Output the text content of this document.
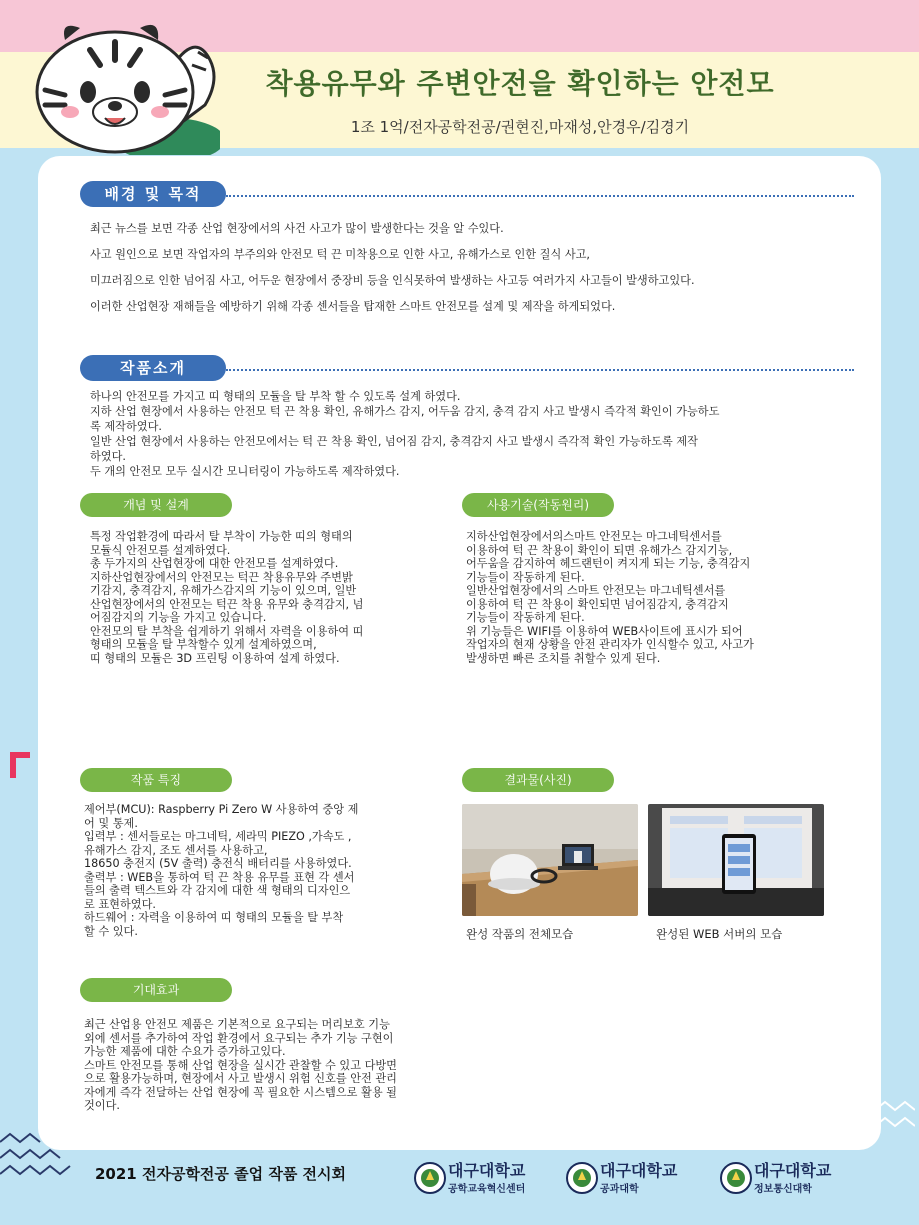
착용유무와 주변안전을 확인하는 안전모
1조 1억/전자공학전공/권현진,마재성,안경우/김경기
배경 및 목적

최근 뉴스를 보면 각종 산업 현장에서의 사건 사고가 많이 발생한다는 것을 알 수있다.

사고 원인으로 보면 작업자의 부주의와 안전모 턱 끈 미착용으로 인한 사고, 유해가스로 인한 질식 사고,

미끄러짐으로 인한 넘어짐 사고, 어두운 현장에서 중장비 등을 인식못하여 발생하는 사고등 여러가지 사고들이 발생하고있다.

이러한 산업현장 재해들을 예방하기 위해 각종 센서들을 탑재한 스마트 안전모를 설계 및 제작을 하게되었다.

작품소개

하나의 안전모를 가지고 띠 형태의 모듈을 탈 부착 할 수 있도록 설계 하였다.

지하 산업 현장에서 사용하는 안전모 턱 끈 착용 확인, 유해가스 감지, 어두움 감지, 충격 감지 사고 발생시 즉각적 확인이 가능하도

록 제작하였다.

일반 산업 현장에서 사용하는 안전모에서는 턱 끈 착용 확인, 넘어짐 감지, 충격감지 사고 발생시 즉각적 확인 가능하도록 제작

하였다.

두 개의 안전모 모두 실시간 모니터링이 가능하도록 제작하였다.

개념 및 설계

특정 작업환경에 따라서 탈 부착이 가능한 띠의 형태의

모듈식 안전모를 설계하였다.

총 두가지의 산업현장에 대한 안전모를 설계하였다.

지하산업현장에서의 안전모는 턱끈 착용유무와 주변밝

기감지, 충격감지, 유해가스감지의 기능이 있으며, 일반

산업현장에서의 안전모는 턱끈 착용 유무와 충격감지, 넘

어짐감지의 기능을 가지고 있습니다.

안전모의 탈 부착을 쉽게하기 위해서 자력을 이용하여 띠

형태의 모듈을 탈 부착할수 있게 설계하였으며,

띠 형태의 모듈은 3D 프린팅 이용하여 설계 하였다.

사용기술(작동원리)

지하산업현장에서의스마트 안전모는 마그네틱센서를

이용하여 턱 끈 착용이 확인이 되면 유해가스 감지기능,

어두움을 감지하여 헤드랜턴이 켜지게 되는 기능, 충격감지

기능들이 작동하게 된다.

일반산업현장에서의 스마트 안전모는 마그네틱센서를

이용하여 턱 끈 착용이 확인되면 넘어짐감지, 충격감지

기능들이 작동하게 된다.

위 기능들은 WIFI를 이용하여 WEB사이트에 표시가 되어

작업자의 현재 상황을 안전 관리자가 인식할수 있고, 사고가

발생하면 빠른 조치를 취할수 있게 된다.

작품 특징

제어부(MCU): Raspberry Pi Zero W 사용하여 중앙 제

어 및 통제.

입력부 : 센서들로는 마그네틱, 세라믹 PIEZO ,가속도 ,

유해가스 감지, 조도 센서를 사용하고,

18650 충전지 (5V 출력) 충전식 배터리를 사용하였다.

출력부 : WEB을 통하여 턱 끈 착용 유무를 표현 각 센서

들의 출력 텍스트와 각 감지에 대한 색 형태의 디자인으

로 표현하였다.

하드웨어 : 자력을 이용하여 띠 형태의 모듈을 탈 부착

할 수 있다.

결과물(사진)
완성 작품의 전체모습	완성된 WEB 서버의 모습
기대효과

최근 산업용 안전모 제품은 기본적으로 요구되는 머리보호 기능

외에 센서를 추가하여 작업 환경에서 요구되는 추가 기능 구현이

가능한 제품에 대한 수요가 증가하고있다.

스마트 안전모를 통해 산업 현장을 실시간 관찰할 수 있고 다방면

으로 활용가능하며, 현장에서 사고 발생시 위험 신호를 안전 관리

자에게 즉각 전달하는 산업 현장에 꼭 필요한 시스템으로 활용 될

것이다.

2021 전자공학전공 졸업 작품 전시회	대구대학교
공학교육혁신센터
대구대학교
공과대학
대구대학교
정보통신대학
